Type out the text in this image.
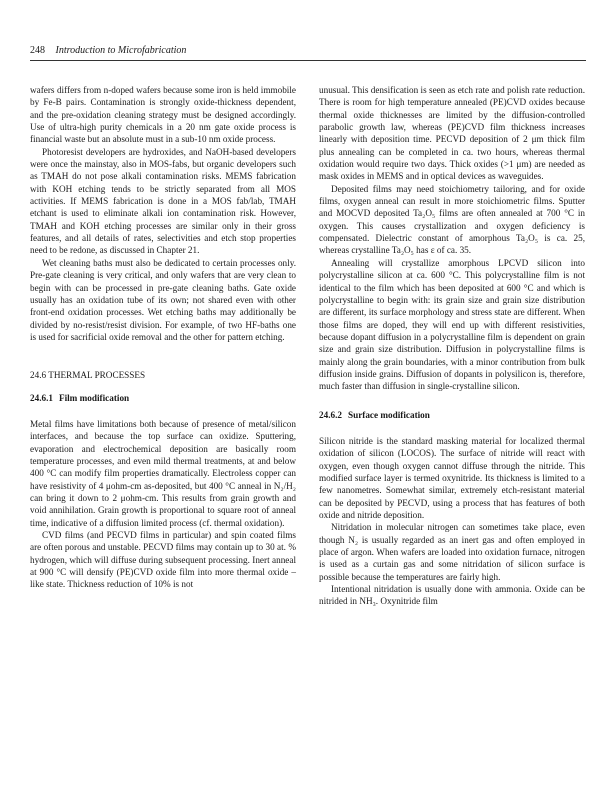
248 Introduction to Microfabrication

wafers differs from n-doped wafers because some iron is held immobile by Fe-B pairs. Contamination is strongly oxide-thickness dependent, and the pre-oxidation cleaning strategy must be designed accordingly. Use of ultra-high purity chemicals in a 20 nm gate oxide process is financial waste but an absolute must in a sub-10 nm oxide process.

Photoresist developers are hydroxides, and NaOH-based developers were once the mainstay, also in MOS-fabs, but organic developers such as TMAH do not pose alkali contamination risks. MEMS fabrication with KOH etching tends to be strictly separated from all MOS activities. If MEMS fabrication is done in a MOS fab/lab, TMAH etchant is used to eliminate alkali ion contamination risk. However, TMAH and KOH etching processes are similar only in their gross features, and all details of rates, selectivities and etch stop properties need to be redone, as discussed in Chapter 21.

Wet cleaning baths must also be dedicated to certain processes only. Pre-gate cleaning is very critical, and only wafers that are very clean to begin with can be processed in pre-gate cleaning baths. Gate oxide usually has an oxidation tube of its own; not shared even with other front-end oxidation processes. Wet etching baths may additionally be divided by no-resist/resist division. For example, of two HF-baths one is used for sacrificial oxide removal and the other for pattern etching.

24.6 THERMAL PROCESSES
24.6.1 Film modification

Metal films have limitations both because of presence of metal/silicon interfaces, and because the top surface can oxidize. Sputtering, evaporation and electrochemical deposition are basically room temperature processes, and even mild thermal treatments, at and below 400 °C can modify film properties dramatically. Electroless copper can have resistivity of 4 μohm-cm as-deposited, but 400 °C anneal in N₂/H₂ can bring it down to 2 μohm-cm. This results from grain growth and void annihilation. Grain growth is proportional to square root of anneal time, indicative of a diffusion limited process (cf. thermal oxidation).

CVD films (and PECVD films in particular) and spin coated films are often porous and unstable. PECVD films may contain up to 30 at. % hydrogen, which will diffuse during subsequent processing. Inert anneal at 900 °C will densify (PE)CVD oxide film into more thermal oxide –like state. Thickness reduction of 10% is not

unusual. This densification is seen as etch rate and polish rate reduction. There is room for high temperature annealed (PE)CVD oxides because thermal oxide thicknesses are limited by the diffusion-controlled parabolic growth law, whereas (PE)CVD film thickness increases linearly with deposition time. PECVD deposition of 2 μm thick film plus annealing can be completed in ca. two hours, whereas thermal oxidation would require two days. Thick oxides (>1 μm) are needed as mask oxides in MEMS and in optical devices as waveguides.

Deposited films may need stoichiometry tailoring, and for oxide films, oxygen anneal can result in more stoichiometric films. Sputter and MOCVD deposited Ta₂O₅ films are often annealed at 700 °C in oxygen. This causes crystallization and oxygen deficiency is compensated. Dielectric constant of amorphous Ta₂O₅ is ca. 25, whereas crystalline Ta₂O₅ has ε of ca. 35.

Annealing will crystallize amorphous LPCVD silicon into polycrystalline silicon at ca. 600 °C. This polycrystalline film is not identical to the film which has been deposited at 600 °C and which is polycrystalline to begin with: its grain size and grain size distribution are different, its surface morphology and stress state are different. When those films are doped, they will end up with different resistivities, because dopant diffusion in a polycrystalline film is dependent on grain size and grain size distribution. Diffusion in polycrystalline films is mainly along the grain boundaries, with a minor contribution from bulk diffusion inside grains. Diffusion of dopants in polysilicon is, therefore, much faster than diffusion in single-crystalline silicon.

24.6.2 Surface modification

Silicon nitride is the standard masking material for localized thermal oxidation of silicon (LOCOS). The surface of nitride will react with oxygen, even though oxygen cannot diffuse through the nitride. This modified surface layer is termed oxynitride. Its thickness is limited to a few nanometres. Somewhat similar, extremely etch-resistant material can be deposited by PECVD, using a process that has features of both oxide and nitride deposition.

Nitridation in molecular nitrogen can sometimes take place, even though N₂ is usually regarded as an inert gas and often employed in place of argon. When wafers are loaded into oxidation furnace, nitrogen is used as a curtain gas and some nitridation of silicon surface is possible because the temperatures are fairly high.

Intentional nitridation is usually done with ammonia. Oxide can be nitrided in NH₃. Oxynitride film
